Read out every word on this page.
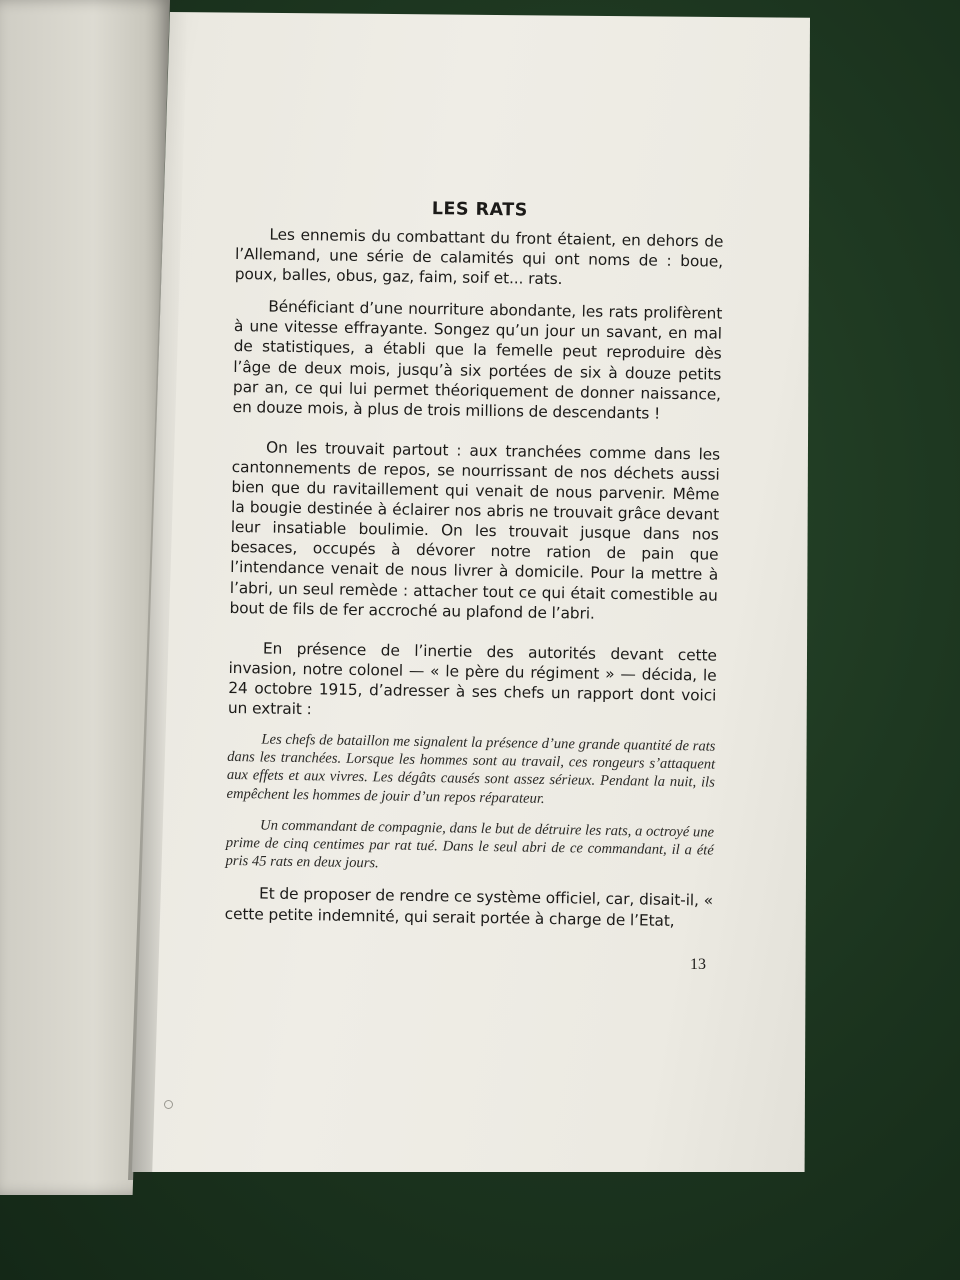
LES RATS

Les ennemis du combattant du front étaient, en dehors de l’Allemand, une série de calamités qui ont noms de : boue, poux, balles, obus, gaz, faim, soif et... rats.

Bénéficiant d’une nourriture abondante, les rats prolifèrent à une vitesse effrayante. Songez qu’un jour un savant, en mal de statistiques, a établi que la femelle peut reproduire dès l’âge de deux mois, jusqu’à six portées de six à douze petits par an, ce qui lui permet théoriquement de donner naissance, en douze mois, à plus de trois millions de descendants !

On les trouvait partout : aux tranchées comme dans les cantonnements de repos, se nourrissant de nos déchets aussi bien que du ravitaillement qui venait de nous parvenir. Même la bougie destinée à éclairer nos abris ne trouvait grâce devant leur insatiable boulimie. On les trouvait jusque dans nos besaces, occupés à dévorer notre ration de pain que l’intendance venait de nous livrer à domicile. Pour la mettre à l’abri, un seul remède : attacher tout ce qui était comestible au bout de fils de fer accroché au plafond de l’abri.

En présence de l’inertie des autorités devant cette invasion, notre colonel — « le père du régiment » — décida, le 24 octobre 1915, d’adresser à ses chefs un rapport dont voici un extrait :

Les chefs de bataillon me signalent la présence d’une grande quantité de rats dans les tranchées. Lorsque les hommes sont au travail, ces rongeurs s’attaquent aux effets et aux vivres. Les dégâts causés sont assez sérieux. Pendant la nuit, ils empêchent les hommes de jouir d’un repos réparateur.

Un commandant de compagnie, dans le but de détruire les rats, a octroyé une prime de cinq centimes par rat tué. Dans le seul abri de ce commandant, il a été pris 45 rats en deux jours.

Et de proposer de rendre ce système officiel, car, disait-il, « cette petite indemnité, qui serait portée à charge de l’Etat,

13
